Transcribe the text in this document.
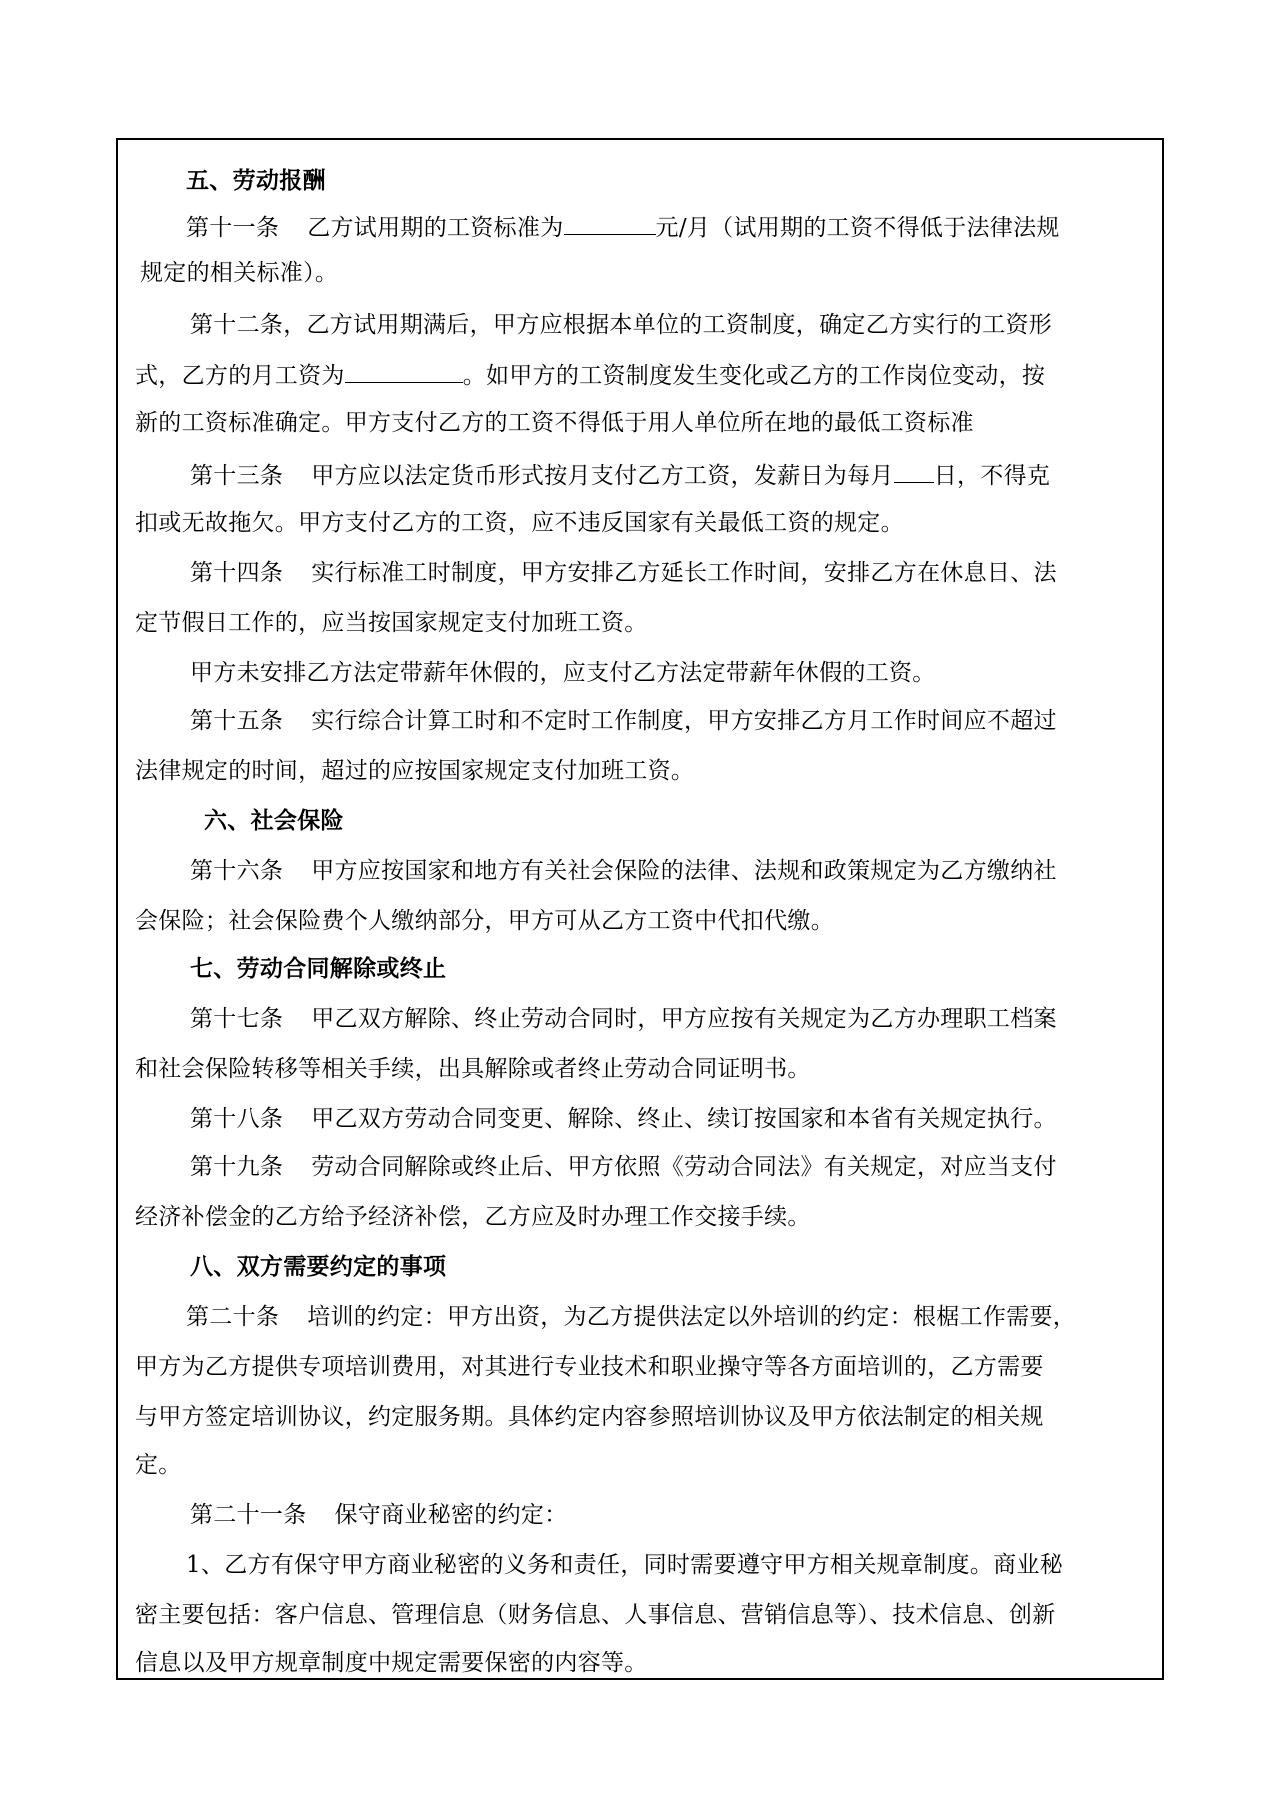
五、劳动报酬
第十一条 乙方试用期的工资标准为	元/月（试用期的工资不得低于法律法规
规定的相关标准）。
第十二条，乙方试用期满后，甲方应根据本单位的工资制度，确定乙方实行的工资形
式，乙方的月工资为	。如甲方的工资制度发生变化或乙方的工作岗位变动，按
新的工资标准确定。甲方支付乙方的工资不得低于用人单位所在地的最低工资标准
第十三条 甲方应以法定货币形式按月支付乙方工资，发薪日为每月 日，不得克
扣或无故拖欠。甲方支付乙方的工资，应不违反国家有关最低工资的规定。
第十四条 实行标准工时制度，甲方安排乙方延长工作时间，安排乙方在休息日、法
定节假日工作的，应当按国家规定支付加班工资。
甲方未安排乙方法定带薪年休假的，应支付乙方法定带薪年休假的工资。
第十五条 实行综合计算工时和不定时工作制度，甲方安排乙方月工作时间应不超过
法律规定的时间，超过的应按国家规定支付加班工资。
六、社会保险
第十六条 甲方应按国家和地方有关社会保险的法律、法规和政策规定为乙方缴纳社
会保险；社会保险费个人缴纳部分，甲方可从乙方工资中代扣代缴。
七、劳动合同解除或终止
第十七条 甲乙双方解除、终止劳动合同时，甲方应按有关规定为乙方办理职工档案
和社会保险转移等相关手续，出具解除或者终止劳动合同证明书。
第十八条 甲乙双方劳动合同变更、解除、终止、续订按国家和本省有关规定执行。
第十九条 劳动合同解除或终止后、甲方依照《劳动合同法》有关规定，对应当支付
经济补偿金的乙方给予经济补偿，乙方应及时办理工作交接手续。
八、双方需要约定的事项
第二十条 培训的约定：甲方出资，为乙方提供法定以外培训的约定：根椐工作需要，
甲方为乙方提供专项培训费用，对其进行专业技术和职业操守等各方面培训的，乙方需要
与甲方签定培训协议，约定服务期。具体约定内容参照培训协议及甲方依法制定的相关规
定。
第二十一条 保守商业秘密的约定：
1、乙方有保守甲方商业秘密的义务和责任，同时需要遵守甲方相关规章制度。商业秘
密主要包括：客户信息、管理信息（财务信息、人事信息、营销信息等）、技术信息、创新
信息以及甲方规章制度中规定需要保密的内容等。
